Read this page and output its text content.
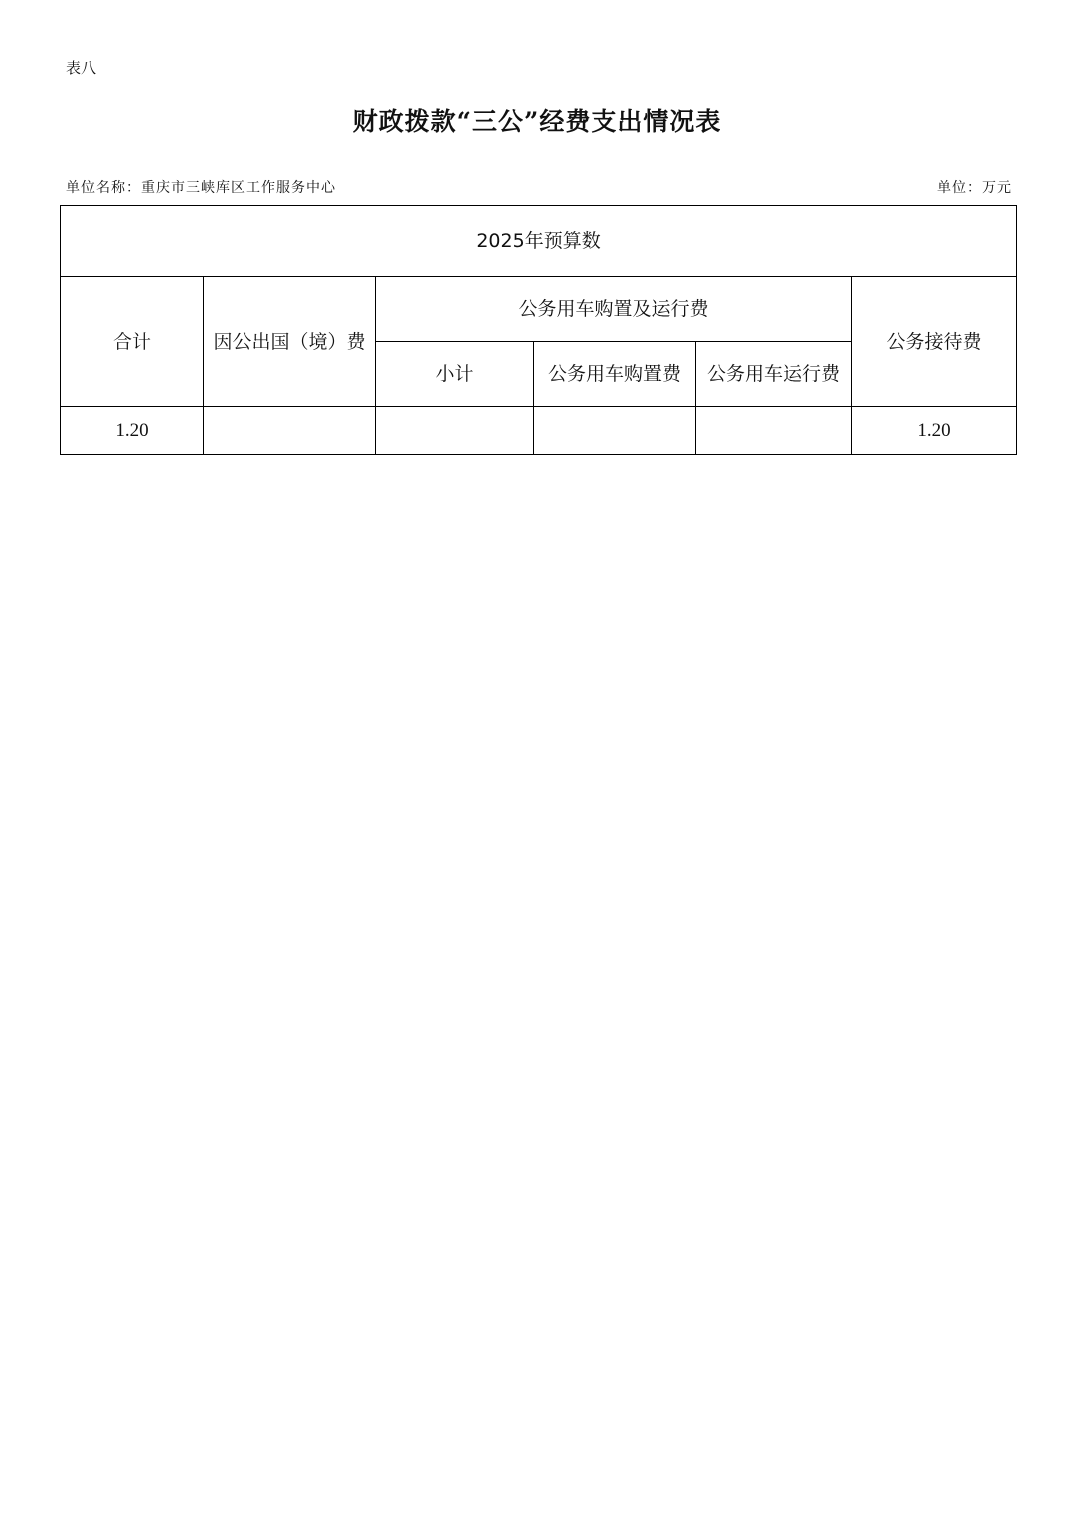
表八
财政拨款“三公”经费支出情况表
单位名称：重庆市三峡库区工作服务中心	单位：万元
2025年预算数					
合计	因公出国（境）费	公务用车购置及运行费			公务接待费
		小计	公务用车购置费	公务用车运行费	
1.20					1.20
